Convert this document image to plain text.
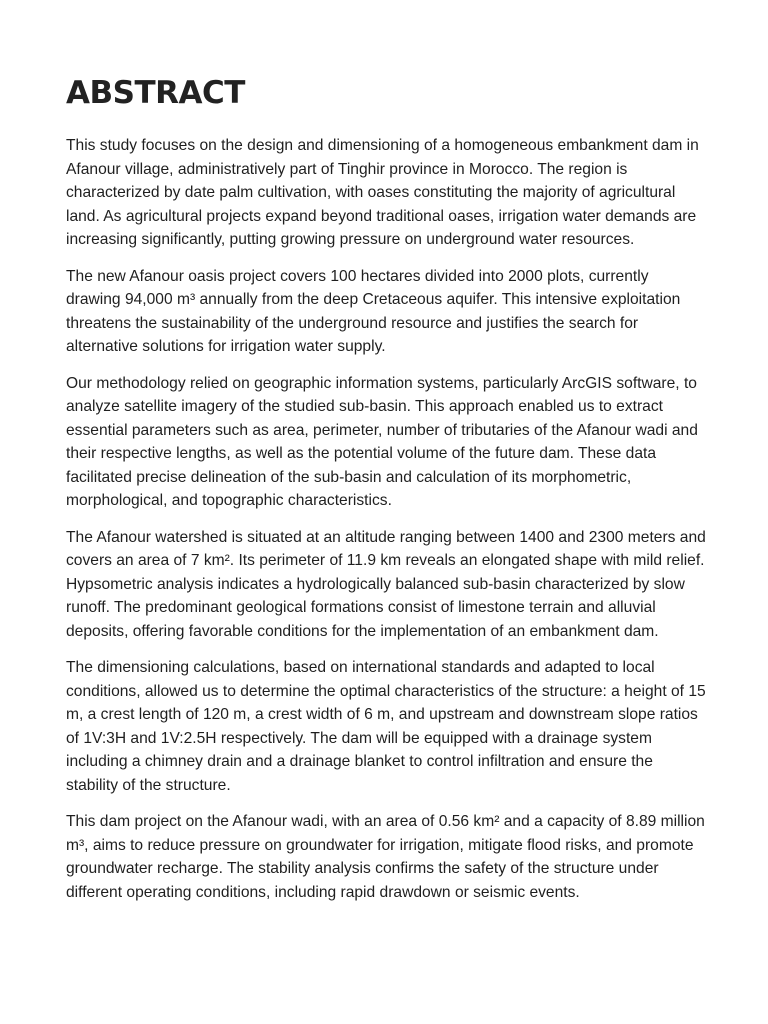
ABSTRACT

This study focuses on the design and dimensioning of a homogeneous embankment dam in Afanour village, administratively part of Tinghir province in Morocco. The region is characterized by date palm cultivation, with oases constituting the majority of agricultural land. As agricultural projects expand beyond traditional oases, irrigation water demands are increasing significantly, putting growing pressure on underground water resources.

The new Afanour oasis project covers 100 hectares divided into 2000 plots, currently drawing 94,000 m³ annually from the deep Cretaceous aquifer. This intensive exploitation threatens the sustainability of the underground resource and justifies the search for alternative solutions for irrigation water supply.

Our methodology relied on geographic information systems, particularly ArcGIS software, to analyze satellite imagery of the studied sub-basin. This approach enabled us to extract essential parameters such as area, perimeter, number of tributaries of the Afanour wadi and their respective lengths, as well as the potential volume of the future dam. These data facilitated precise delineation of the sub-basin and calculation of its morphometric, morphological, and topographic characteristics.

The Afanour watershed is situated at an altitude ranging between 1400 and 2300 meters and covers an area of 7 km². Its perimeter of 11.9 km reveals an elongated shape with mild relief. Hypsometric analysis indicates a hydrologically balanced sub-basin characterized by slow runoff. The predominant geological formations consist of limestone terrain and alluvial deposits, offering favorable conditions for the implementation of an embankment dam.

The dimensioning calculations, based on international standards and adapted to local conditions, allowed us to determine the optimal characteristics of the structure: a height of 15 m, a crest length of 120 m, a crest width of 6 m, and upstream and downstream slope ratios of 1V:3H and 1V:2.5H respectively. The dam will be equipped with a drainage system including a chimney drain and a drainage blanket to control infiltration and ensure the stability of the structure.

This dam project on the Afanour wadi, with an area of 0.56 km² and a capacity of 8.89 million m³, aims to reduce pressure on groundwater for irrigation, mitigate flood risks, and promote groundwater recharge. The stability analysis confirms the safety of the structure under different operating conditions, including rapid drawdown or seismic events.
